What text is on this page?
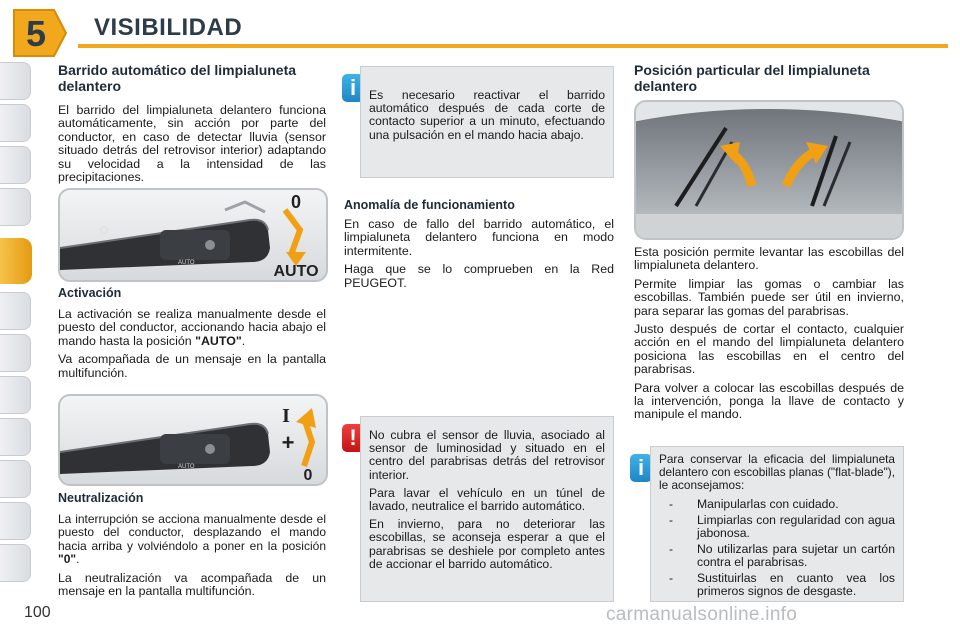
5 VISIBILIDAD
Barrido automático del limpialuneta delantero

El barrido del limpialuneta delantero funciona automáticamente, sin acción por parte del conductor, en caso de detectar lluvia (sensor situado detrás del retrovisor interior) adaptando su velocidad a la intensidad de las precipitaciones.

◯
AUTO
0
AUTO
Activación

La activación se realiza manualmente desde el puesto del conductor, accionando hacia abajo el mando hasta la posición "AUTO".

Va acompañada de un mensaje en la pantalla multifunción.

AUTO
I
+
0
Neutralización

La interrupción se acciona manualmente desde el puesto del conductor, desplazando el mando hacia arriba y volviéndolo a poner en la posición "0".

La neutralización va acompañada de un mensaje en la pantalla multifunción.

i	Es necesario reactivar el barrido automático después de cada corte de contacto superior a un minuto, efectuando una pulsación en el mando hacia abajo.

Anomalía de funcionamiento

En caso de fallo del barrido automático, el limpialuneta delantero funciona en modo intermitente.

Haga que se lo comprueben en la Red PEUGEOT.

!	No cubra el sensor de lluvia, asociado al sensor de luminosidad y situado en el centro del parabrisas detrás del retrovisor interior.

Para lavar el vehículo en un túnel de lavado, neutralice el barrido automático.

En invierno, para no deteriorar las escobillas, se aconseja esperar a que el parabrisas se deshiele por completo antes de accionar el barrido automático.

Posición particular del limpialuneta delantero

Esta posición permite levantar las escobillas del limpialuneta delantero.

Permite limpiar las gomas o cambiar las escobillas. También puede ser útil en invierno, para separar las gomas del parabrisas.

Justo después de cortar el contacto, cualquier acción en el mando del limpialuneta delantero posiciona las escobillas en el centro del parabrisas.

Para volver a colocar las escobillas después de la intervención, ponga la llave de contacto y manipule el mando.

i	Para conservar la eficacia del limpialuneta delantero con escobillas planas ("flat-blade"), le aconsejamos:

- Manipularlas con cuidado.
- Limpiarlas con regularidad con agua jabonosa.
- No utilizarlas para sujetar un cartón contra el parabrisas.
- Sustituirlas en cuanto vea los primeros signos de desgaste.
100	carmanualsonline.info
